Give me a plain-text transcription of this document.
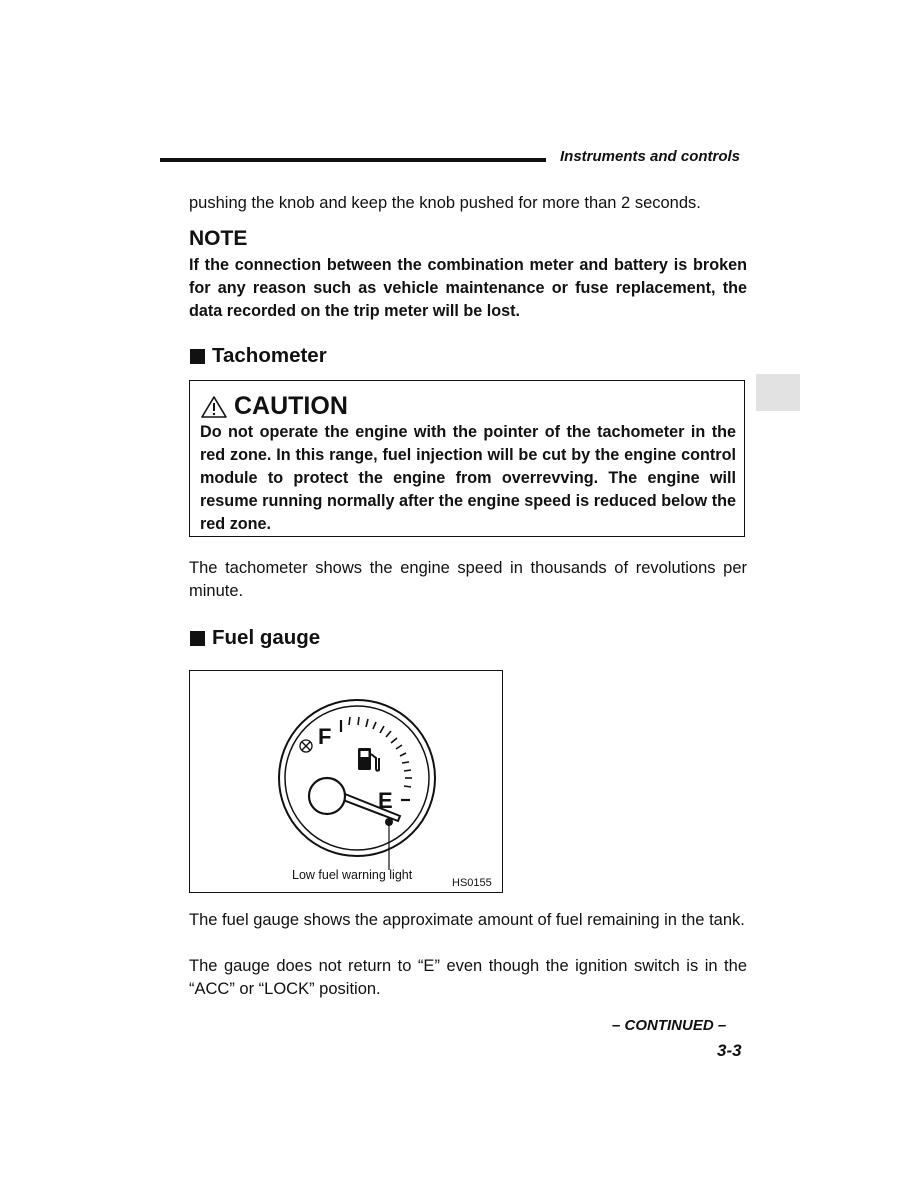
Instruments and controls
pushing the knob and keep the knob pushed for more than 2 seconds.
NOTE
If the connection between the combination meter and battery is broken for any reason such as vehicle maintenance or fuse replacement, the data recorded on the trip meter will be lost.
Tachometer
CAUTION
Do not operate the engine with the pointer of the tachometer in the red zone. In this range, fuel injection will be cut by the engine control module to protect the engine from overrevving. The engine will resume running normally after the engine speed is reduced below the red zone.
The tachometer shows the engine speed in thousands of revolutions per minute.
Fuel gauge
F
E
Low fuel warning light
HS0155
The fuel gauge shows the approximate amount of fuel remaining in the tank.
The gauge does not return to “E” even though the ignition switch is in the “ACC” or “LOCK” position.
– CONTINUED –
3-3
